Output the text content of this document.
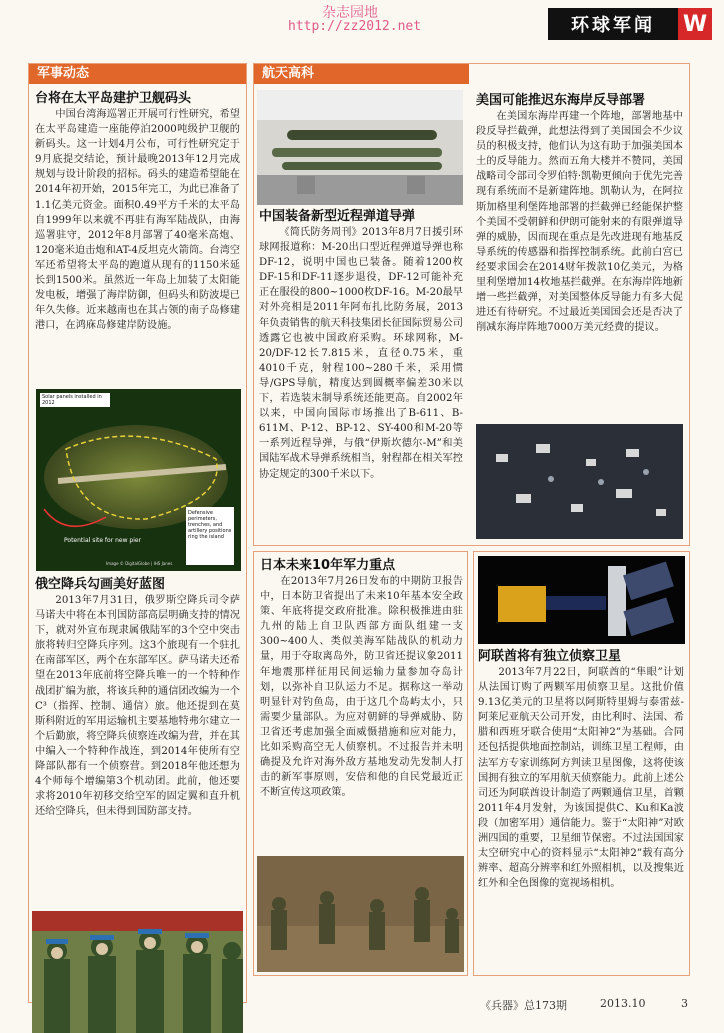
杂志园地
http://zz2012.net	环球军闻	W
军事动态
台将在太平岛建护卫舰码头

中国台湾海巡署正开展可行性研究，希望在太平岛建造一座能停泊2000吨级护卫舰的新码头。这一计划4月公布，可行性研究定于9月底提交结论，预计最晚2013年12月完成规划与设计阶段的招标。码头的建造希望能在2014年初开始，2015年完工，为此已准备了1.1亿美元资金。面积0.49平方千米的太平岛自1999年以来就不再驻有海军陆战队，由海巡署驻守，2012年8月部署了40毫米高炮、120毫米迫击炮和AT-4反坦克火箭筒。台湾空军还希望将太平岛的跑道从现有的1150米延长到1500米。虽然近一年岛上加装了太阳能发电板，增强了海岸防御，但码头和防波堤已年久失修。近来越南也在其占领的南子岛修建港口，在鸿庥岛修建岸防设施。

Solar panels installed in 2012
Potential site for new pier
Defensive perimeters, trenches, and artillery positions ring the island
Image © DigitalGlobe | IHS Janes
俄空降兵勾画美好蓝图

2013年7月31日，俄罗斯空降兵司令萨马诺夫中将在本刊国防部高层明确支持的情况下，就对外宣布现隶属俄陆军的3个空中突击旅将转归空降兵序列。这3个旅现有一个驻扎在南部军区，两个在东部军区。萨马诺夫还希望在2013年底前将空降兵唯一的一个特种作战团扩编为旅，将该兵种的通信团改编为一个C³（指挥、控制、通信）旅。他还提到在莫斯科附近的军用运输机主要基地特弗尔建立一个后勤旅，将空降兵侦察连改编为营，并在其中编入一个特种作战连，到2014年使所有空降部队都有一个侦察营。到2018年他还想为4个师每个增编第3个机动团。此前，他还要求将2010年初移交给空军的固定翼和直升机还给空降兵，但未得到国防部支持。

航天高科
中国装备新型近程弹道导弹

《简氏防务周刊》2013年8月7日援引环球网报道称：M-20出口型近程弹道导弹也称DF-12，说明中国也已装备。随着1200枚DF-15和DF-11逐步退役，DF-12可能补充正在服役的800~1000枚DF-16。M-20最早对外亮相是2011年阿布扎比防务展，2013年负责销售的航天科技集团长征国际贸易公司透露它也被中国政府采购。环球网称，M-20/DF-12长7.815米，直径0.75米，重4010千克，射程100~280千米，采用惯导/GPS导航，精度达到圆概率偏差30米以下，若选装末制导系统还能更高。自2002年以来，中国向国际市场推出了B-611、B-611M、P-12、BP-12、SY-400和M-20等一系列近程导弹，与俄“伊斯坎德尔-M”和美国陆军战术导弹系统相当，射程都在相关军控协定规定的300千米以下。

美国可能推迟东海岸反导部署

在美国东海岸再建一个阵地，部署地基中段反导拦截弹，此想法得到了美国国会不少议员的积极支持，他们认为这有助于加强美国本土的反导能力。然而五角大楼并不赞同，美国战略司令部司令罗伯特·凯勒更倾向于优先完善现有系统而不是新建阵地。凯勒认为，在阿拉斯加格里利堡阵地部署的拦截弹已经能保护整个美国不受朝鲜和伊朗可能射来的有限弹道导弹的威胁，因而现在重点是先改进现有地基反导系统的传感器和指挥控制系统。此前白宫已经要求国会在2014财年拨款10亿美元，为格里利堡增加14枚地基拦截弹。在东海岸阵地新增一些拦截弹，对美国整体反导能力有多大促进还有待研究。不过最近美国国会还是否决了削减东海岸阵地7000万美元经费的提议。

日本未来10年军力重点

在2013年7月26日发布的中期防卫报告中，日本防卫省提出了未来10年基本安全政策、年底将提交政府批准。除积极推进由驻九州的陆上自卫队西部方面队组建一支300~400人、类似美海军陆战队的机动力量，用于夺取离岛外，防卫省还提议象2011年地震那样征用民间运输力量参加夺岛计划，以弥补自卫队运力不足。据称这一举动明显针对钓鱼岛，由于这几个岛屿太小，只需要少量部队。为应对朝鲜的导弹威胁、防卫省还考虑加强全面威慑措施和应对能力，比如采购高空无人侦察机。不过报告并未明确提及允许对海外敌方基地发动先发制人打击的新军事原则，安倍和他的自民党最近正不断宣传这项政策。

阿联酋将有独立侦察卫星

2013年7月22日，阿联酋的“隼眼”计划从法国订购了两颗军用侦察卫星。这批价值9.13亿美元的卫星将以阿斯特里姆与泰雷兹-阿莱尼亚航天公司开发，由比利时、法国、希腊和西班牙联合使用“太阳神2”为基础。合同还包括提供地面控制站，训练卫星工程师，由法军方专家训练阿方判读卫星图像，这将使该国拥有独立的军用航天侦察能力。此前上述公司还为阿联酋设计制造了两颗通信卫星，首颗2011年4月发射，为该国提供C、Ku和Ka波段（加密军用）通信能力。鉴于“太阳神”对欧洲四国的重要，卫星细节保密。不过法国国家太空研究中心的资料显示“太阳神2”载有高分辨率、超高分辨率和红外照相机，以及搜集近红外和全色图像的宽视场相机。

《兵器》总173期	2013.10	3
